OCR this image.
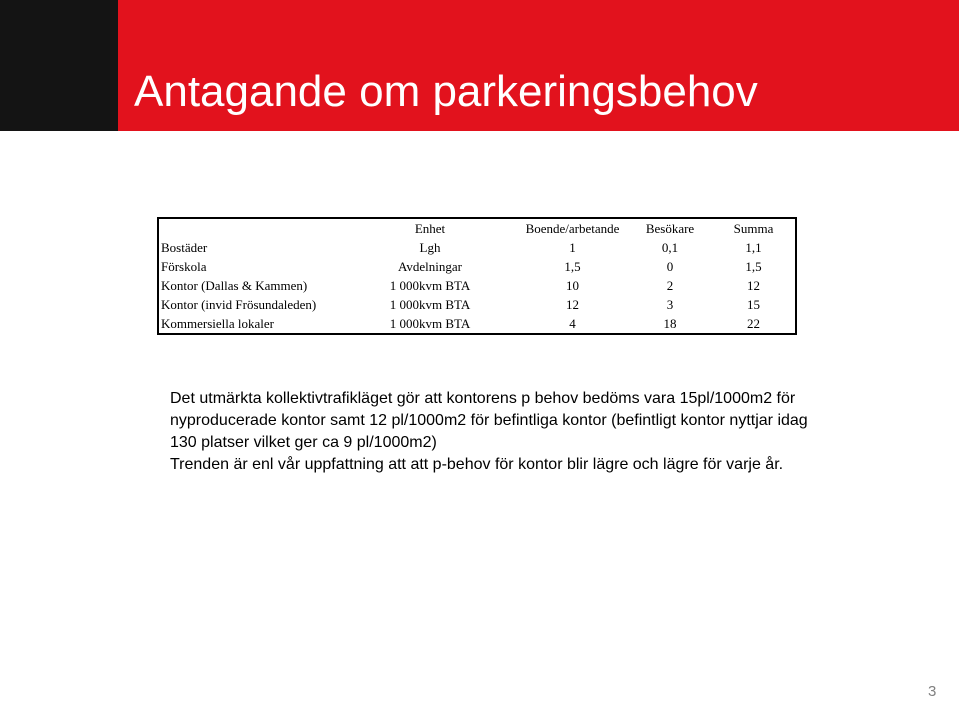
Antagande om parkeringsbehov
	Enhet	Boende/arbetande	Besökare	Summa
Bostäder	Lgh	1	0,1	1,1
Förskola	Avdelningar	1,5	0	1,5
Kontor (Dallas & Kammen)	1 000kvm BTA	10	2	12
Kontor (invid Frösundaleden)	1 000kvm BTA	12	3	15
Kommersiella lokaler	1 000kvm BTA	4	18	22

Det utmärkta kollektivtrafikläget gör att kontorens p behov bedöms vara 15pl/1000m2 för nyproducerade kontor samt 12 pl/1000m2 för befintliga kontor (befintligt kontor nyttjar idag 130 platser vilket ger ca 9 pl/1000m2)

Trenden är enl vår uppfattning att att p-behov för kontor blir lägre och lägre för varje år.

3
